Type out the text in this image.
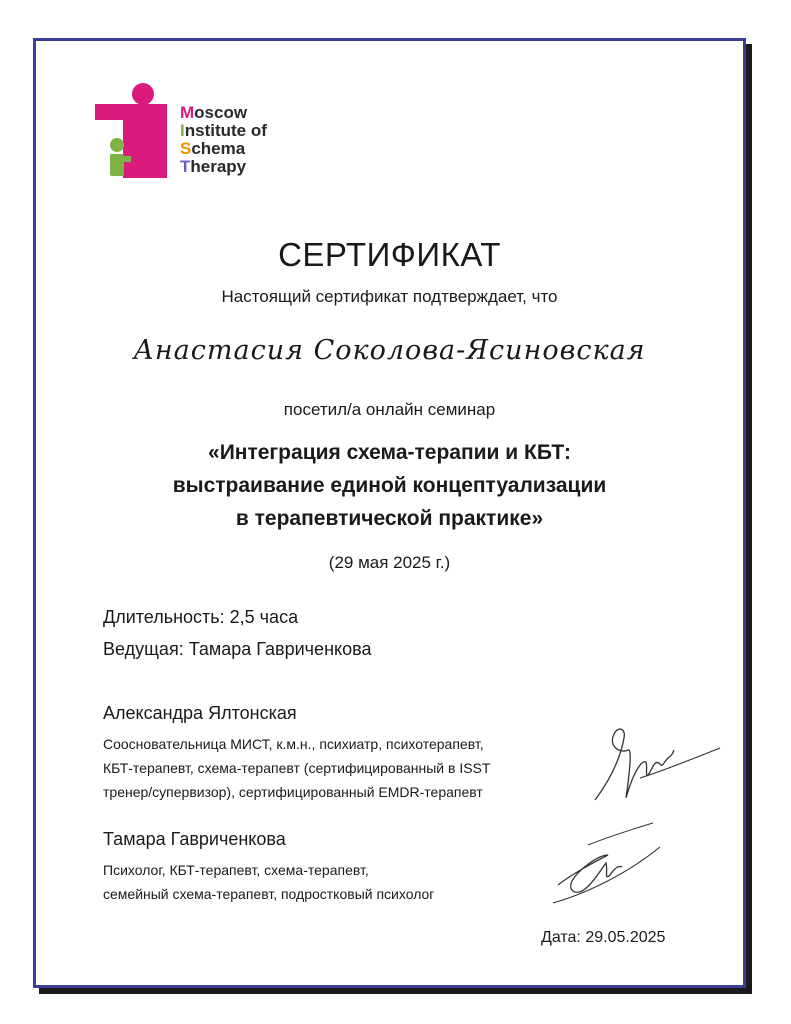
Moscow
Institute of
Schema
Therapy
СЕРТИФИКАТ
Настоящий сертификат подтверждает, что
Анастасия Соколова-Ясиновская
посетил/а онлайн семинар
«Интеграция схема-терапии и КБТ:
выстраивание единой концептуализации
в терапевтической практике»
(29 мая 2025 г.)
Длительность: 2,5 часа
Ведущая: Тамара Гавриченкова
Александра Ялтонская
Соосновательница МИСТ, к.м.н., психиатр, психотерапевт,
КБТ-терапевт, схема-терапевт (сертифицированный в ISST
тренер/супервизор), сертифицированный EMDR-терапевт
Тамара Гавриченкова
Психолог, КБТ-терапевт, схема-терапевт,
семейный схема-терапевт, подростковый психолог
Дата: 29.05.2025
